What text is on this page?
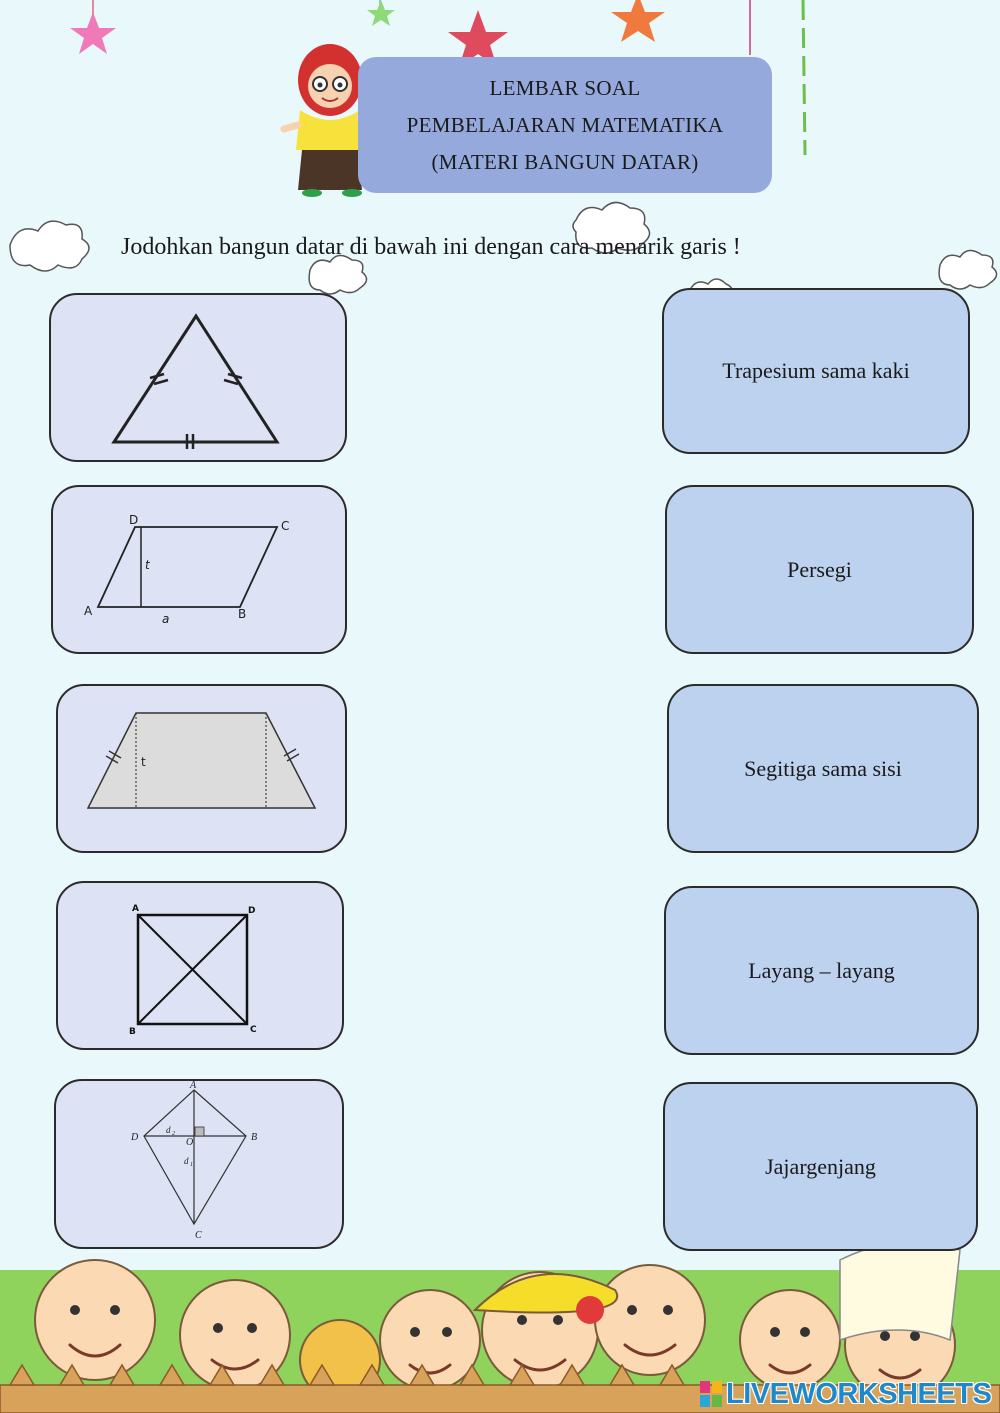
LEMBAR SOAL
PEMBELAJARAN MATEMATIKA
(MATERI BANGUN DATAR)
Jodohkan bangun datar di bawah ini dengan cara menarik garis !
D	C
A	B
t
a
t
A	D
B	C
A
B
C
D	O
d 2
d 1
Trapesium sama kaki
Persegi
Segitiga sama sisi
Layang – layang
Jajargenjang
LIVEWORKSHEETS
